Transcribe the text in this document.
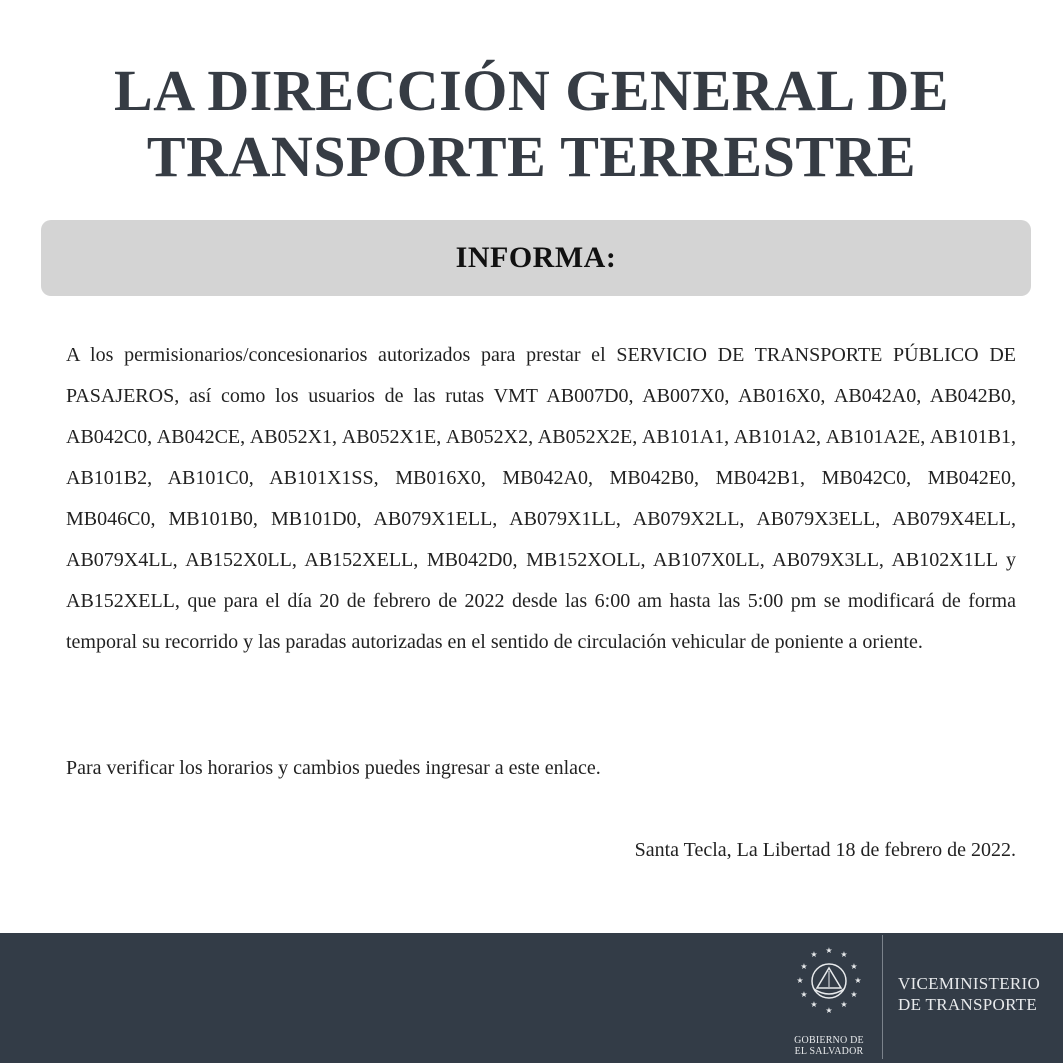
LA DIRECCIÓN GENERAL DE
TRANSPORTE TERRESTRE
INFORMA:

A los permisionarios/concesionarios autorizados para prestar el SERVICIO DE TRANSPORTE PÚBLICO DE PASAJEROS, así como los usuarios de las rutas VMT AB007D0, AB007X0, AB016X0, AB042A0, AB042B0, AB042C0, AB042CE, AB052X1, AB052X1E, AB052X2, AB052X2E, AB101A1, AB101A2, AB101A2E, AB101B1, AB101B2, AB101C0, AB101X1SS, MB016X0, MB042A0, MB042B0, MB042B1, MB042C0, MB042E0, MB046C0, MB101B0, MB101D0, AB079X1ELL, AB079X1LL, AB079X2LL, AB079X3ELL, AB079X4ELL, AB079X4LL, AB152X0LL, AB152XELL, MB042D0, MB152XOLL, AB107X0LL, AB079X3LL, AB102X1LL y AB152XELL, que para el día 20 de febrero de 2022 desde las 6:00 am hasta las 5:00 pm se modificará de forma temporal su recorrido y las paradas autorizadas en el sentido de circulación vehicular de poniente a oriente.

Para verificar los horarios y cambios puedes ingresar a este enlace.

Santa Tecla, La Libertad 18 de febrero de 2022.
★
★	★
★	★
★	★
★	★
★	★
★
GOBIERNO DE
EL SALVADOR
VICEMINISTERIO
DE TRANSPORTE
